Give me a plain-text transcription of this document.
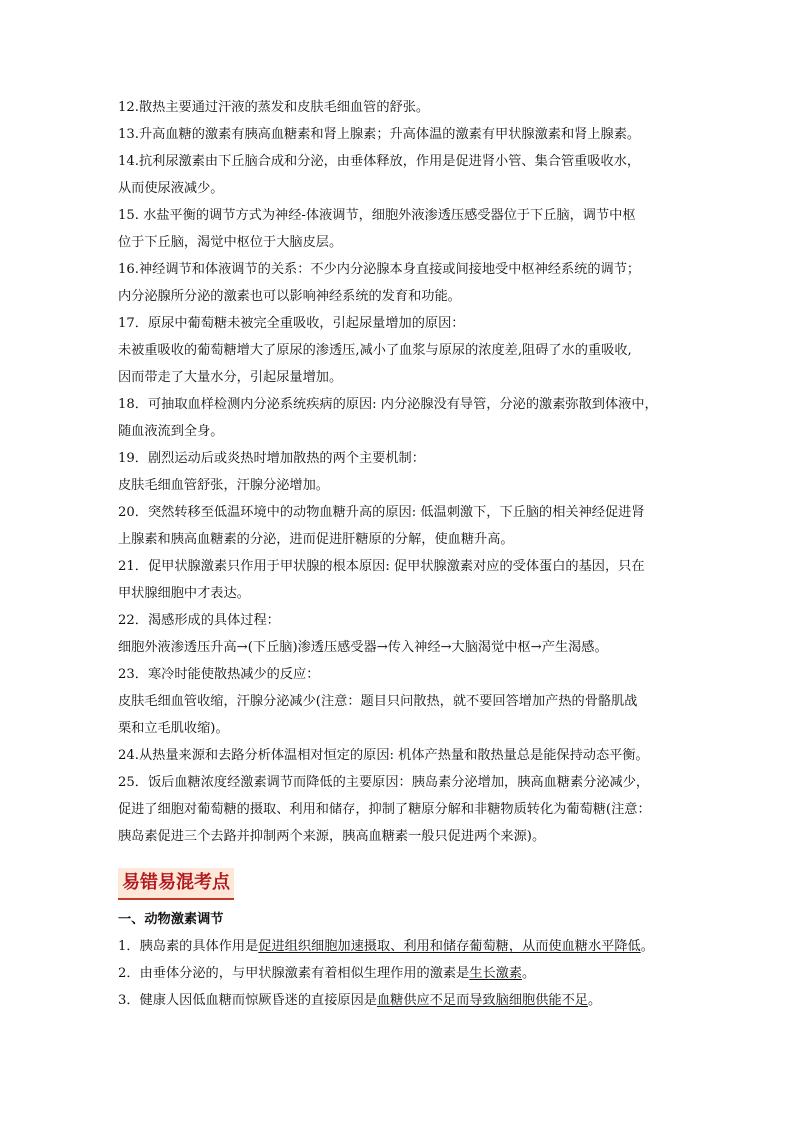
12.散热主要通过汗液的蒸发和皮肤毛细血管的舒张。
13.升高血糖的激素有胰高血糖素和肾上腺素；升高体温的激素有甲状腺激素和肾上腺素。
14.抗利尿激素由下丘脑合成和分泌，由垂体释放，作用是促进肾小管、集合管重吸收水，
从而使尿液减少。
15. 水盐平衡的调节方式为神经-体液调节，细胞外液渗透压感受器位于下丘脑，调节中枢
位于下丘脑，渴觉中枢位于大脑皮层。
16.神经调节和体液调节的关系：不少内分泌腺本身直接或间接地受中枢神经系统的调节；
内分泌腺所分泌的激素也可以影响神经系统的发育和功能。
17．原尿中葡萄糖未被完全重吸收，引起尿量增加的原因：
未被重吸收的葡萄糖增大了原尿的渗透压,减小了血浆与原尿的浓度差,阻碍了水的重吸收,
因而带走了大量水分，引起尿量增加。
18．可抽取血样检测内分泌系统疾病的原因: 内分泌腺没有导管，分泌的激素弥散到体液中，
随血液流到全身。
19．剧烈运动后或炎热时增加散热的两个主要机制：
皮肤毛细血管舒张，汗腺分泌增加。
20．突然转移至低温环境中的动物血糖升高的原因: 低温刺激下，下丘脑的相关神经促进肾
上腺素和胰高血糖素的分泌，进而促进肝糖原的分解，使血糖升高。
21．促甲状腺激素只作用于甲状腺的根本原因: 促甲状腺激素对应的受体蛋白的基因，只在
甲状腺细胞中才表达。
22．渴感形成的具体过程：
细胞外液渗透压升高→(下丘脑)渗透压感受器→传入神经→大脑渴觉中枢→产生渴感。
23．寒冷时能使散热减少的反应：
皮肤毛细血管收缩，汗腺分泌减少(注意：题目只问散热，就不要回答增加产热的骨骼肌战
栗和立毛肌收缩)。
24.从热量来源和去路分析体温相对恒定的原因: 机体产热量和散热量总是能保持动态平衡。
25．饭后血糖浓度经激素调节而降低的主要原因：胰岛素分泌增加，胰高血糖素分泌减少，
促进了细胞对葡萄糖的摄取、利用和储存，抑制了糖原分解和非糖物质转化为葡萄糖(注意：
胰岛素促进三个去路并抑制两个来源，胰高血糖素一般只促进两个来源)。
易错易混考点
一、动物激素调节
1．胰岛素的具体作用是促进组织细胞加速摄取、利用和储存葡萄糖，从而使血糖水平降低。
2．由垂体分泌的，与甲状腺激素有着相似生理作用的激素是生长激素。
3．健康人因低血糖而惊厥昏迷的直接原因是血糖供应不足而导致脑细胞供能不足。
